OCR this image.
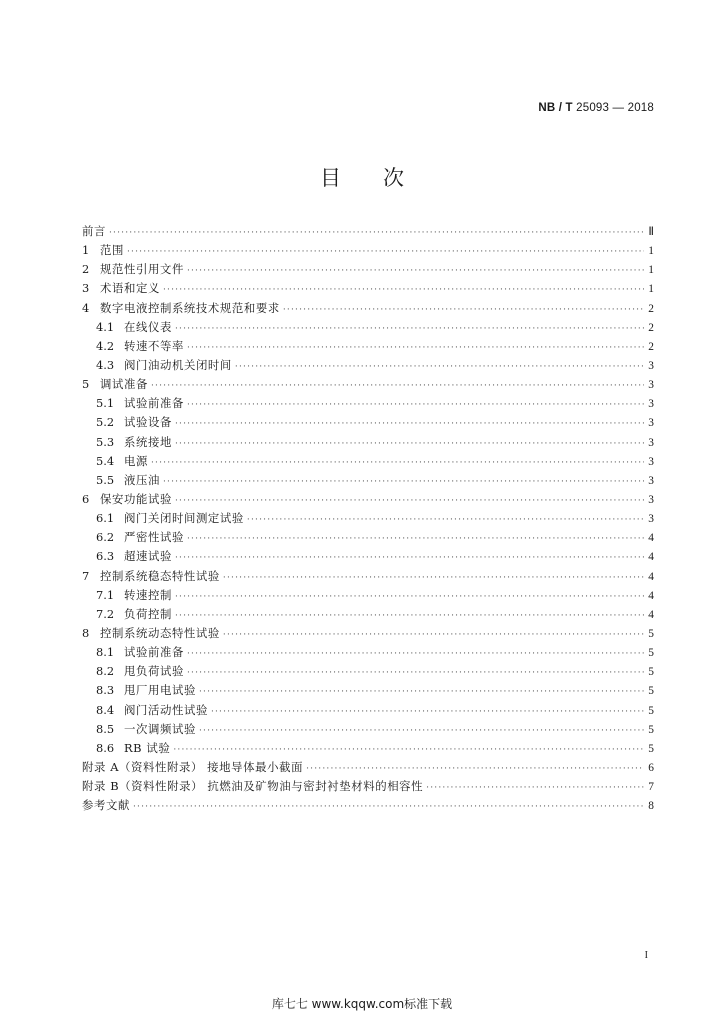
NB / T 25093 — 2018
目次
前言 ·····	Ⅱ
1 范围 ·····	1
2 规范性引用文件 ·····	1
3 术语和定义 ·····	1
4 数字电液控制系统技术规范和要求 ·····	2
4.1 在线仪表 ·····	2
4.2 转速不等率 ·····	2
4.3 阀门油动机关闭时间 ·····	3
5 调试准备 ·····	3
5.1 试验前准备 ·····	3
5.2 试验设备 ·····	3
5.3 系统接地 ·····	3
5.4 电源 ·····	3
5.5 液压油 ·····	3
6 保安功能试验 ·····	3
6.1 阀门关闭时间测定试验 ·····	3
6.2 严密性试验 ·····	4
6.3 超速试验 ·····	4
7 控制系统稳态特性试验 ·····	4
7.1 转速控制 ·····	4
7.2 负荷控制 ·····	4
8 控制系统动态特性试验 ·····	5
8.1 试验前准备 ·····	5
8.2 甩负荷试验 ·····	5
8.3 甩厂用电试验 ·····	5
8.4 阀门活动性试验 ·····	5
8.5 一次调频试验 ·····	5
8.6 RB 试验 ·····	5
附录 A（资料性附录） 接地导体最小截面 ·····	6
附录 B（资料性附录） 抗燃油及矿物油与密封衬垫材料的相容性 ·····	7
参考文献 ·····	8
I
库七七 www.kqqw.com标准下载
